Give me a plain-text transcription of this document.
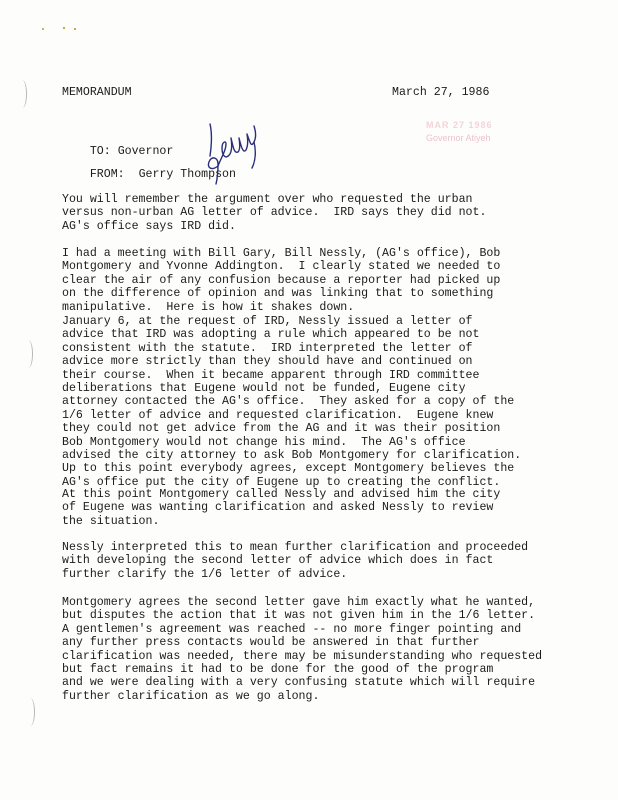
MEMORANDUM	March 27, 1986
MAR 27 1986
Governor Atiyeh

TO: Governor

FROM: Gerry Thompson

You will remember the argument over who requested the urban
versus non-urban AG letter of advice.  IRD says they did not.
AG's office says IRD did.
I had a meeting with Bill Gary, Bill Nessly, (AG's office), Bob
Montgomery and Yvonne Addington.  I clearly stated we needed to
clear the air of any confusion because a reporter had picked up
on the difference of opinion and was linking that to something
manipulative.  Here is how it shakes down.
January 6, at the request of IRD, Nessly issued a letter of
advice that IRD was adopting a rule which appeared to be not
consistent with the statute.  IRD interpreted the letter of
advice more strictly than they should have and continued on
their course.  When it became apparent through IRD committee
deliberations that Eugene would not be funded, Eugene city
attorney contacted the AG's office.  They asked for a copy of the
1/6 letter of advice and requested clarification.  Eugene knew
they could not get advice from the AG and it was their position
Bob Montgomery would not change his mind.  The AG's office
advised the city attorney to ask Bob Montgomery for clarification.
Up to this point everybody agrees, except Montgomery believes the
AG's office put the city of Eugene up to creating the conflict.
At this point Montgomery called Nessly and advised him the city
of Eugene was wanting clarification and asked Nessly to review
the situation.
Nessly interpreted this to mean further clarification and proceeded
with developing the second letter of advice which does in fact
further clarify the 1/6 letter of advice.
Montgomery agrees the second letter gave him exactly what he wanted,
but disputes the action that it was not given him in the 1/6 letter.
A gentlemen's agreement was reached -- no more finger pointing and
any further press contacts would be answered in that further
clarification was needed, there may be misunderstanding who requested
but fact remains it had to be done for the good of the program
and we were dealing with a very confusing statute which will require
further clarification as we go along.
